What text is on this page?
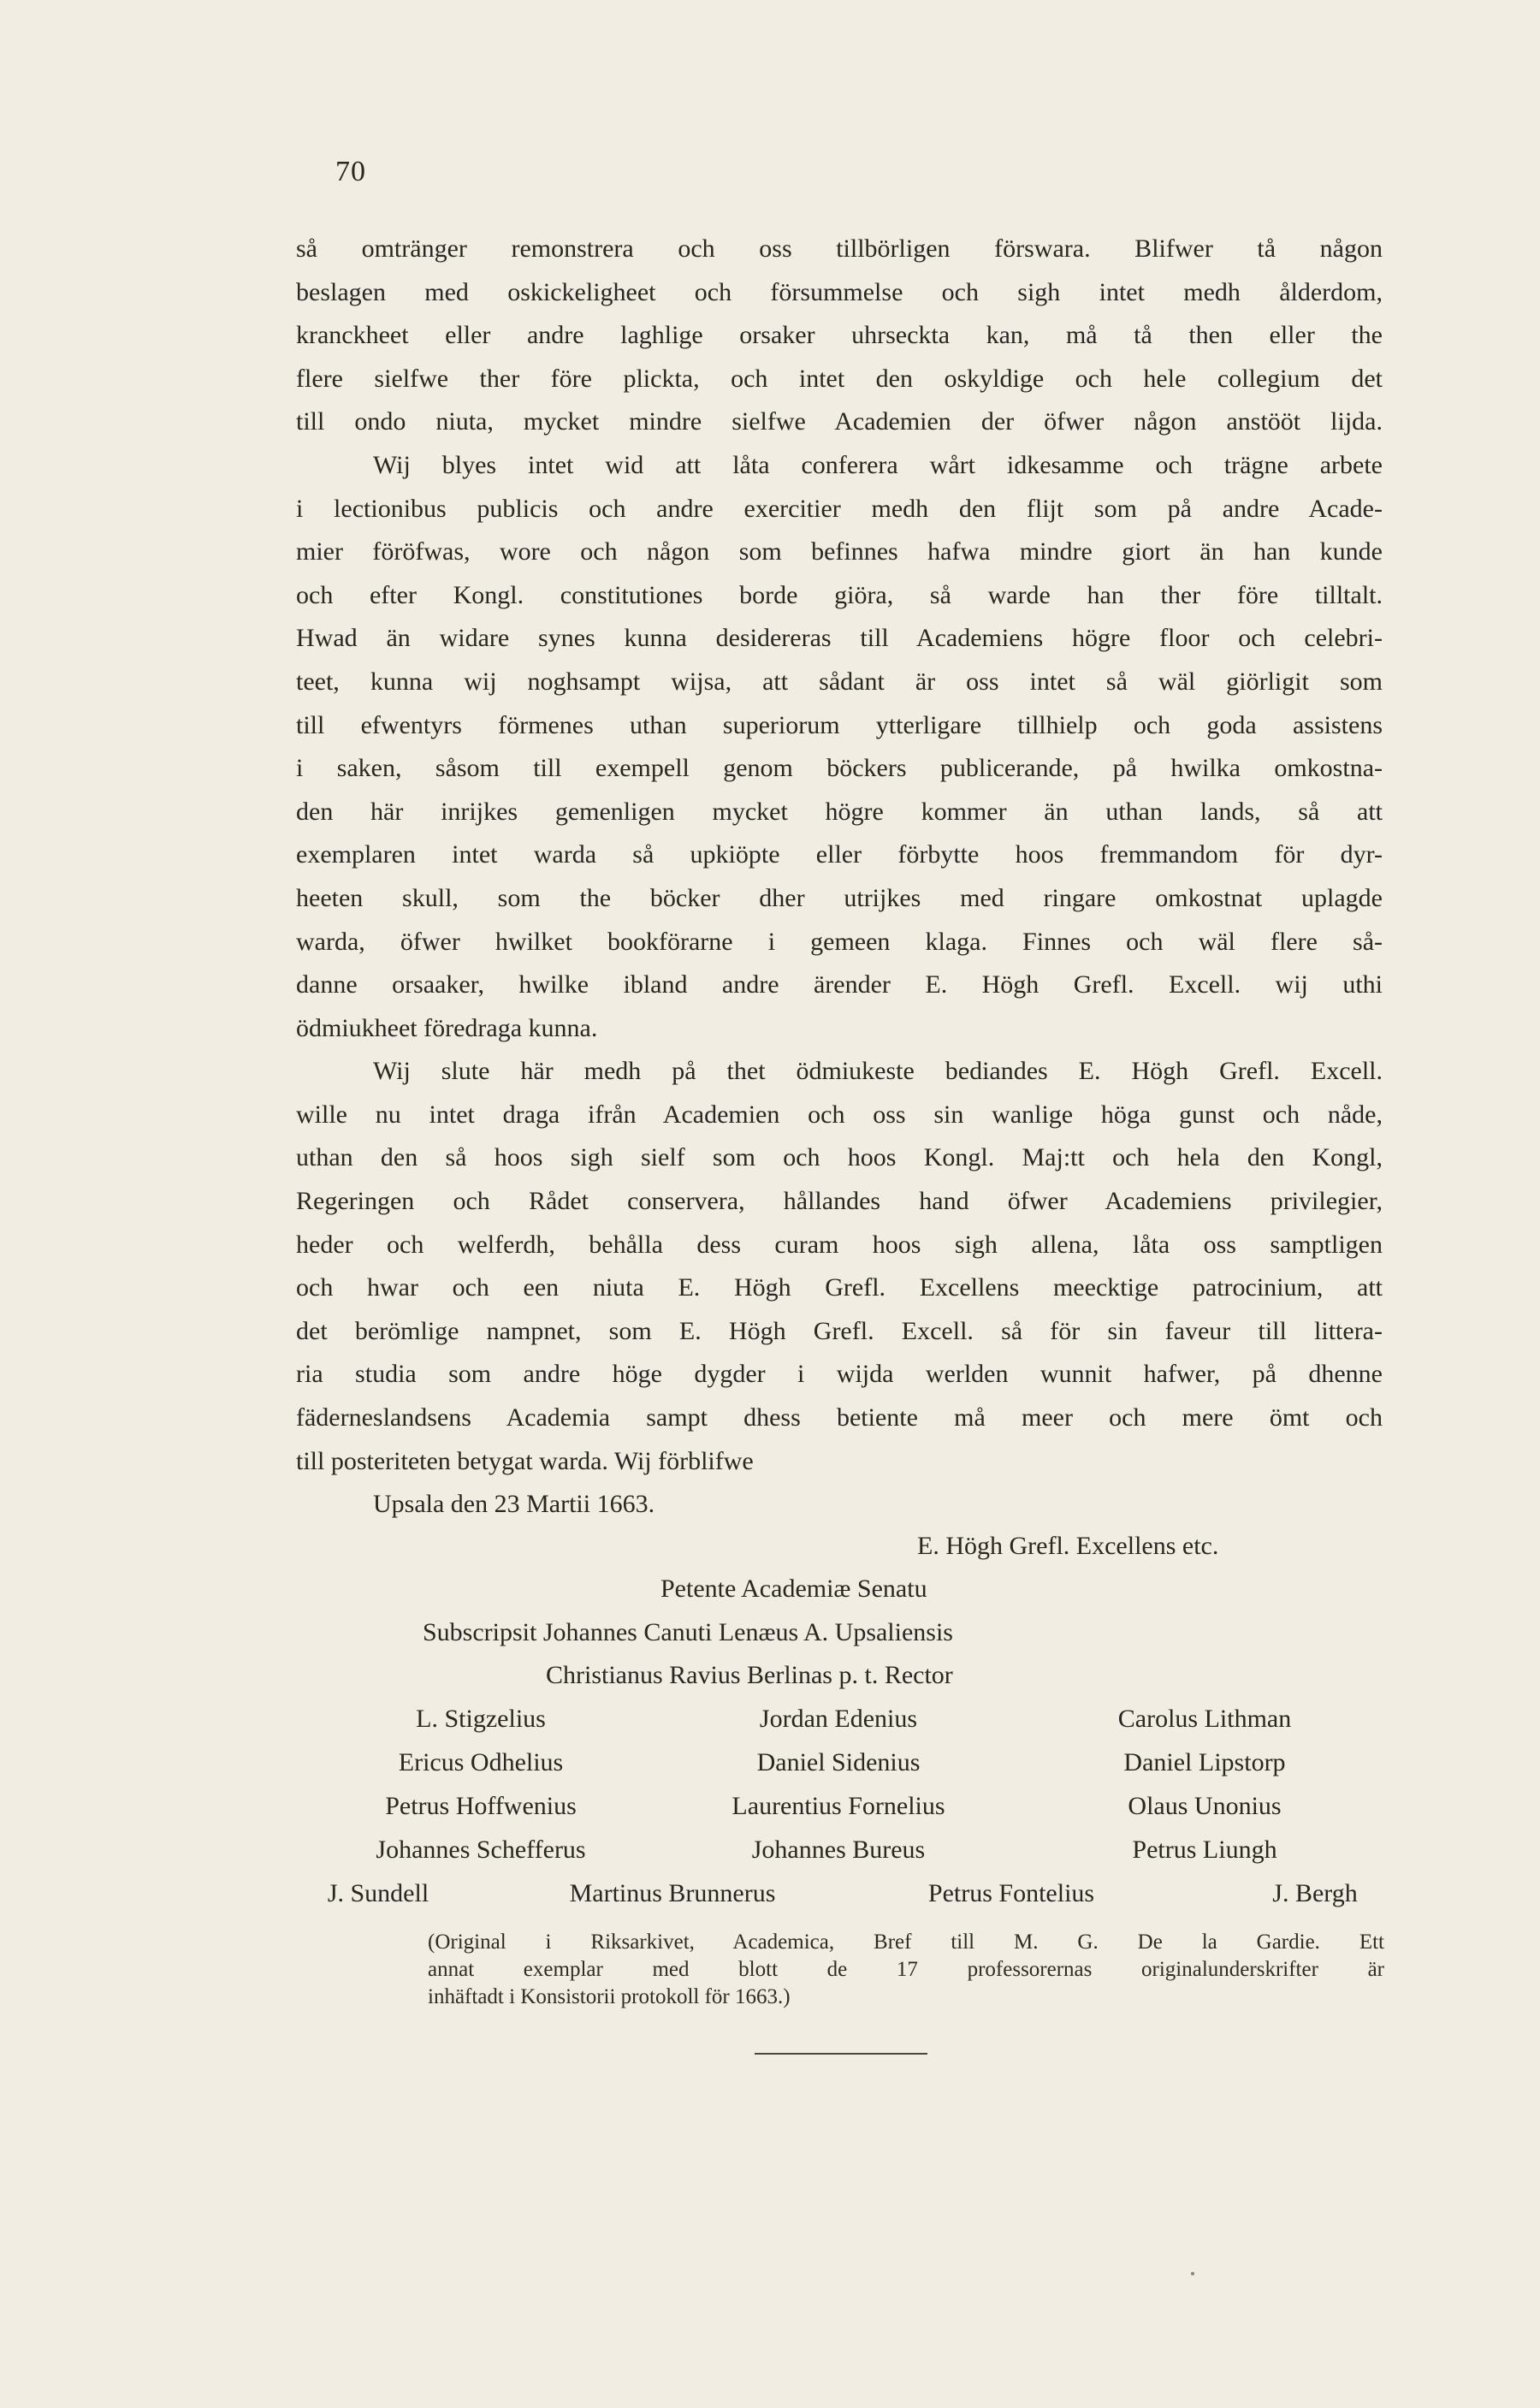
70
så omtränger remonstrera och oss tillbörligen förswara. Blifwer tå någon
beslagen med oskickeligheet och försummelse och sigh intet medh ålderdom,
kranckheet eller andre laghlige orsaker uhrseckta kan, må tå then eller the
flere sielfwe ther före plickta, och intet den oskyldige och hele collegium det
till ondo niuta, mycket mindre sielfwe Academien der öfwer någon anstööt lijda.
Wij blyes intet wid att låta conferera wårt idkesamme och trägne arbete
i lectionibus publicis och andre exercitier medh den flijt som på andre Acade-
mier föröfwas, wore och någon som befinnes hafwa mindre giort än han kunde
och efter Kongl. constitutiones borde giöra, så warde han ther före tilltalt.
Hwad än widare synes kunna desidereras till Academiens högre floor och celebri-
teet, kunna wij noghsampt wijsa, att sådant är oss intet så wäl giörligit som
till efwentyrs förmenes uthan superiorum ytterligare tillhielp och goda assistens
i saken, såsom till exempell genom böckers publicerande, på hwilka omkostna-
den här inrijkes gemenligen mycket högre kommer än uthan lands, så att
exemplaren intet warda så upkiöpte eller förbytte hoos fremmandom för dyr-
heeten skull, som the böcker dher utrijkes med ringare omkostnat uplagde
warda, öfwer hwilket bookförarne i gemeen klaga. Finnes och wäl flere så-
danne orsaaker, hwilke ibland andre ärender E. Högh Grefl. Excell. wij uthi
ödmiukheet föredraga kunna.
Wij slute här medh på thet ödmiukeste bediandes E. Högh Grefl. Excell.
wille nu intet draga ifrån Academien och oss sin wanlige höga gunst och nåde,
uthan den så hoos sigh sielf som och hoos Kongl. Maj:tt och hela den Kongl,
Regeringen och Rådet conservera, hållandes hand öfwer Academiens privilegier,
heder och welferdh, behålla dess curam hoos sigh allena, låta oss samptligen
och hwar och een niuta E. Högh Grefl. Excellens meecktige patrocinium, att
det berömlige nampnet, som E. Högh Grefl. Excell. så för sin faveur till littera-
ria studia som andre höge dygder i wijda werlden wunnit hafwer, på dhenne
fäderneslandsens Academia sampt dhess betiente må meer och mere ömt och
till posteriteten betygat warda. Wij förblifwe
Upsala den 23 Martii 1663.
E. Högh Grefl. Excellens etc.
Petente Academiæ Senatu
Subscripsit Johannes Canuti Lenæus A. Upsaliensis
Christianus Ravius Berlinas p. t. Rector
L. Stigzelius	Jordan Edenius	Carolus Lithman
Ericus Odhelius	Daniel Sidenius	Daniel Lipstorp
Petrus Hoffwenius	Laurentius Fornelius	Olaus Unonius
Johannes Schefferus	Johannes Bureus	Petrus Liungh
J. Sundell	Martinus Brunnerus	Petrus Fontelius	J. Bergh
(Original i Riksarkivet, Academica, Bref till M. G. De la Gardie. Ett
annat exemplar med blott de 17 professorernas originalunderskrifter är
inhäftadt i Konsistorii protokoll för 1663.)
